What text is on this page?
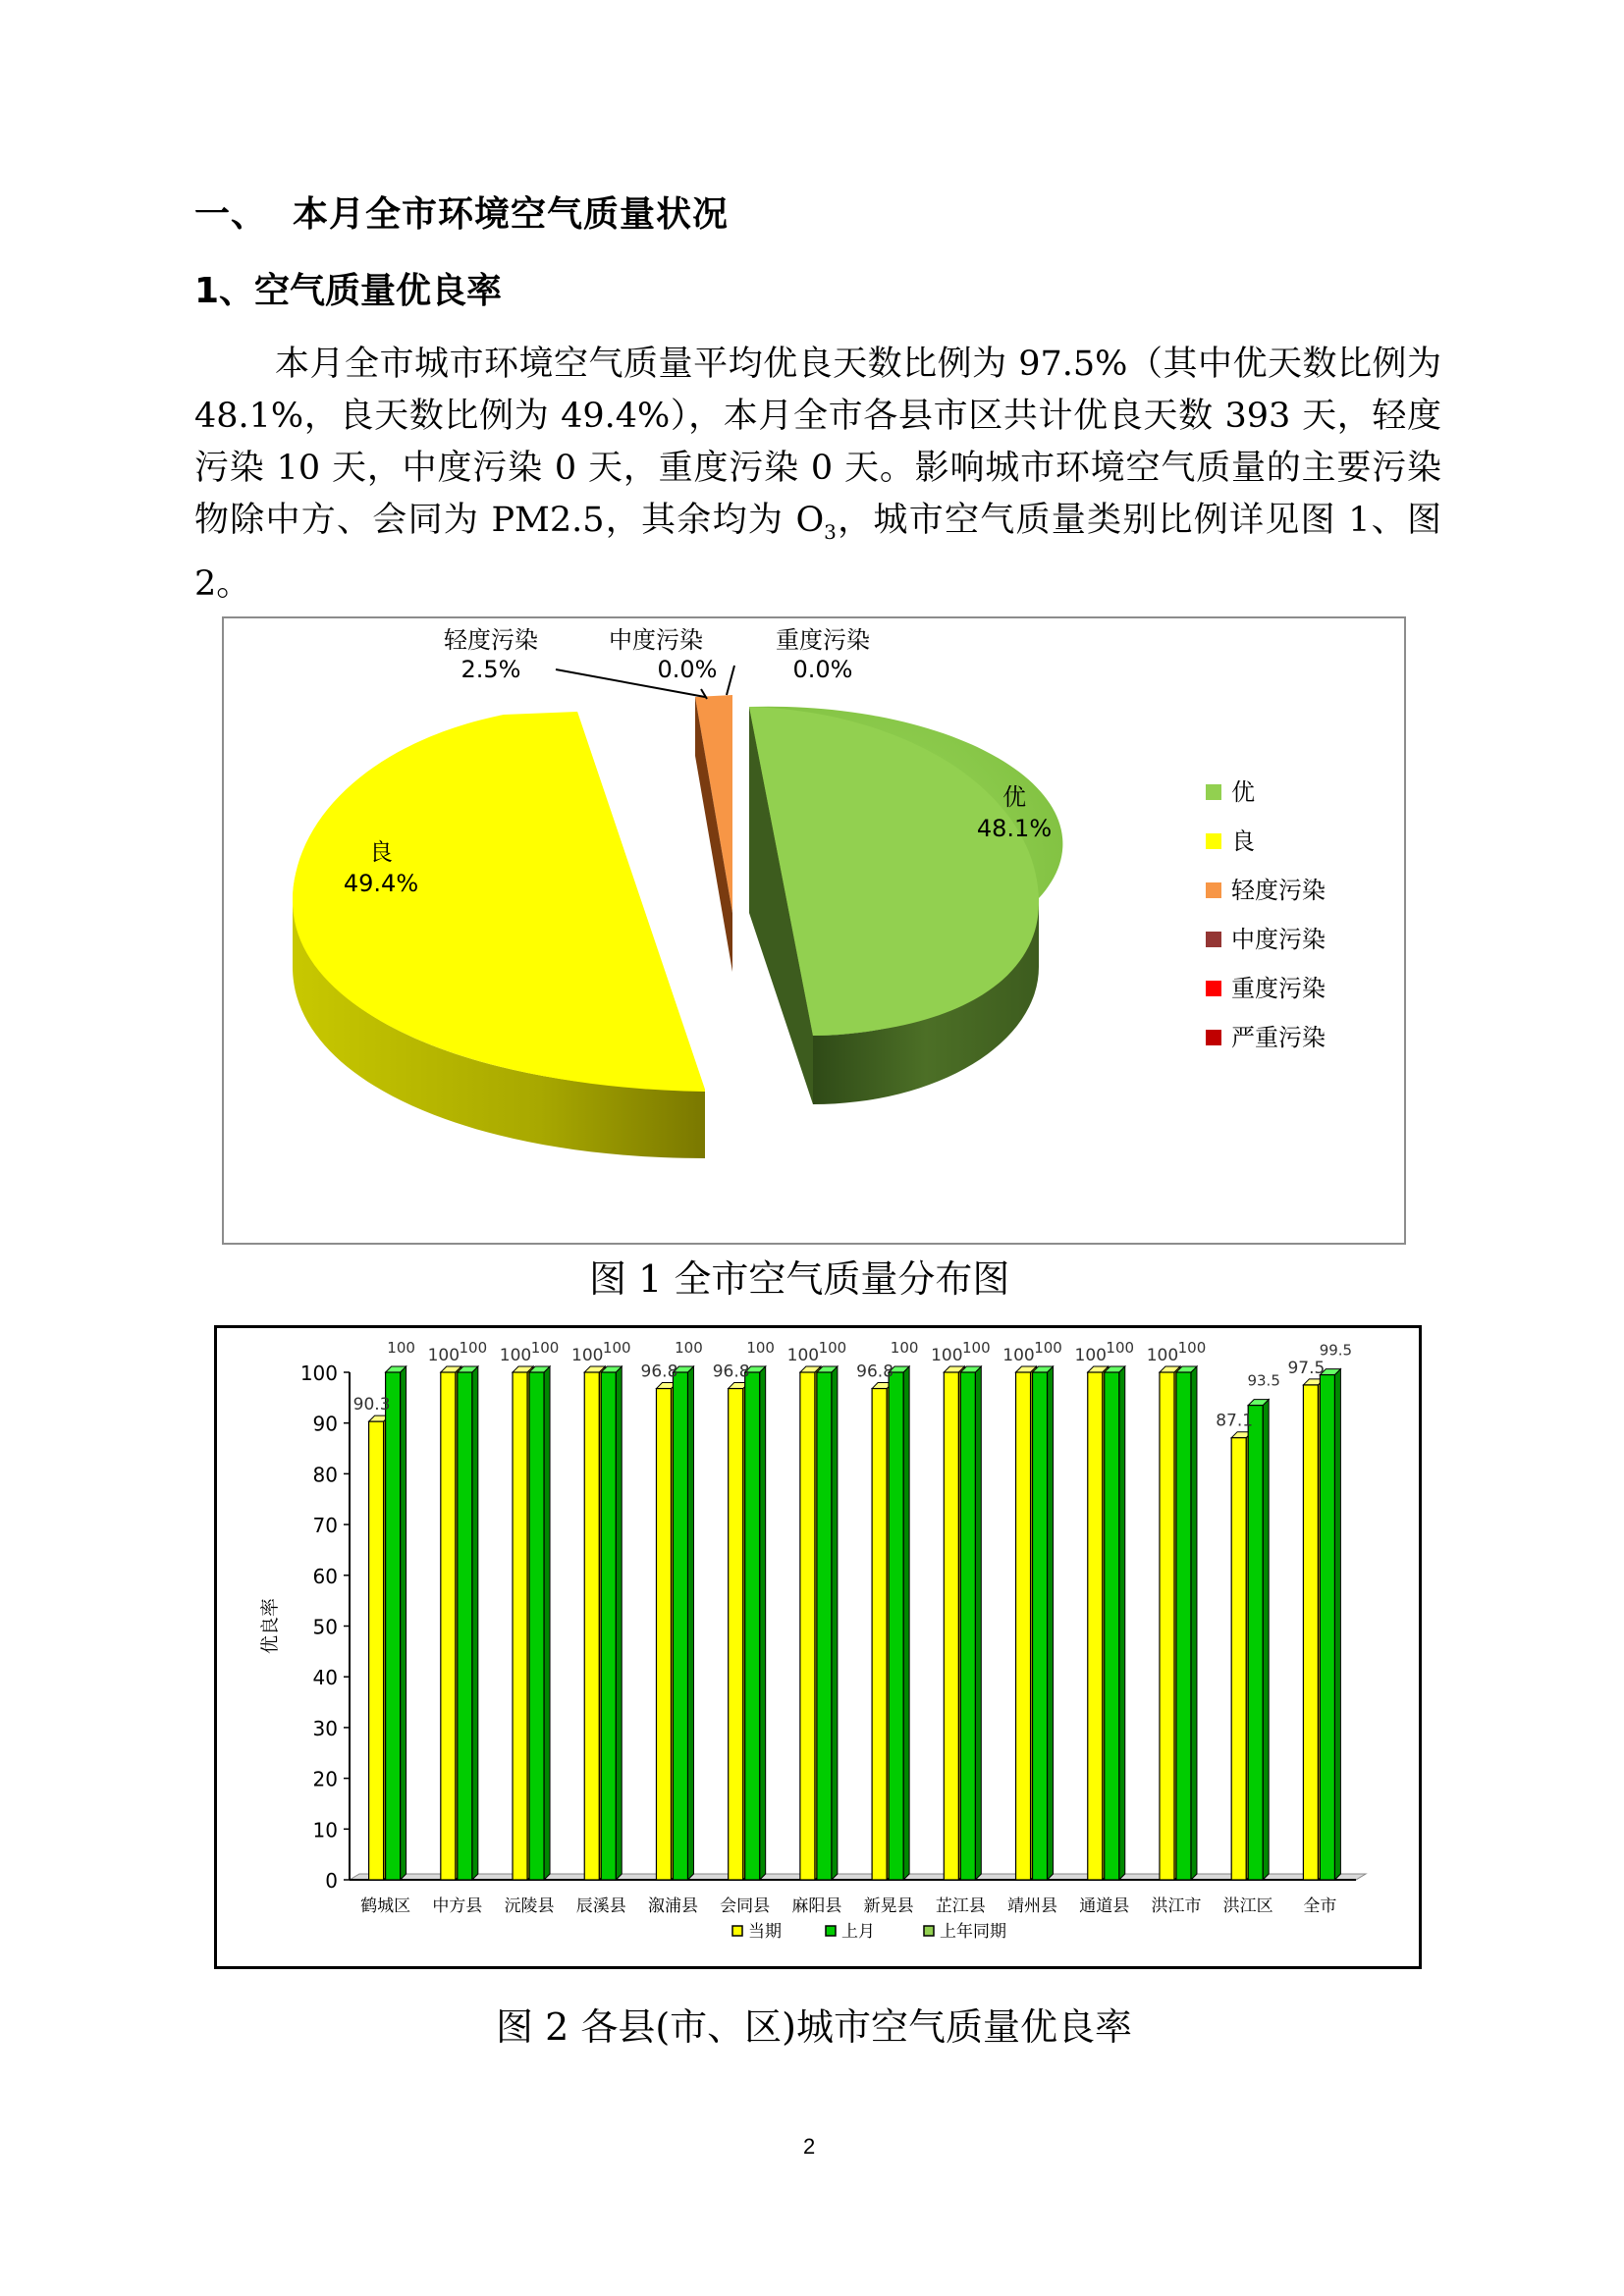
一、 本月全市环境空气质量状况
1、空气质量优良率

本月全市城市环境空气质量平均优良天数比例为 97.5%（其中优天数比例为 48.1%，良天数比例为 49.4%），本月全市各县市区共计优良天数 393 天，轻度污染 10 天，中度污染 0 天，重度污染 0 天。影响城市环境空气质量的主要污染物除中方、会同为 PM2.5，其余均为 $O_3$，城市空气质量类别比例详见图 1、图 2。

轻度污染
2.5%
中度污染
0.0%
重度污染
0.0%
优
48.1%
良
49.4%
优
良
轻度污染
中度污染
重度污染
严重污染
图 1 全市空气质量分布图
0
10
20
30
40
50
60
70
80
90
100
优良率
90.3
100
鹤城区
100 100
中方县
100 100
沅陵县
100 100
辰溪县
96.8
100
溆浦县
96.8
100
会同县
100 100
麻阳县
96.8
100
新晃县
100 100
芷江县
100 100
靖州县
100 100
通道县
100 100
洪江市
87.1
93.5
洪江区
97.5
99.5
全市
当期	上月	上年同期
图 2 各县(市、区)城市空气质量优良率
2
